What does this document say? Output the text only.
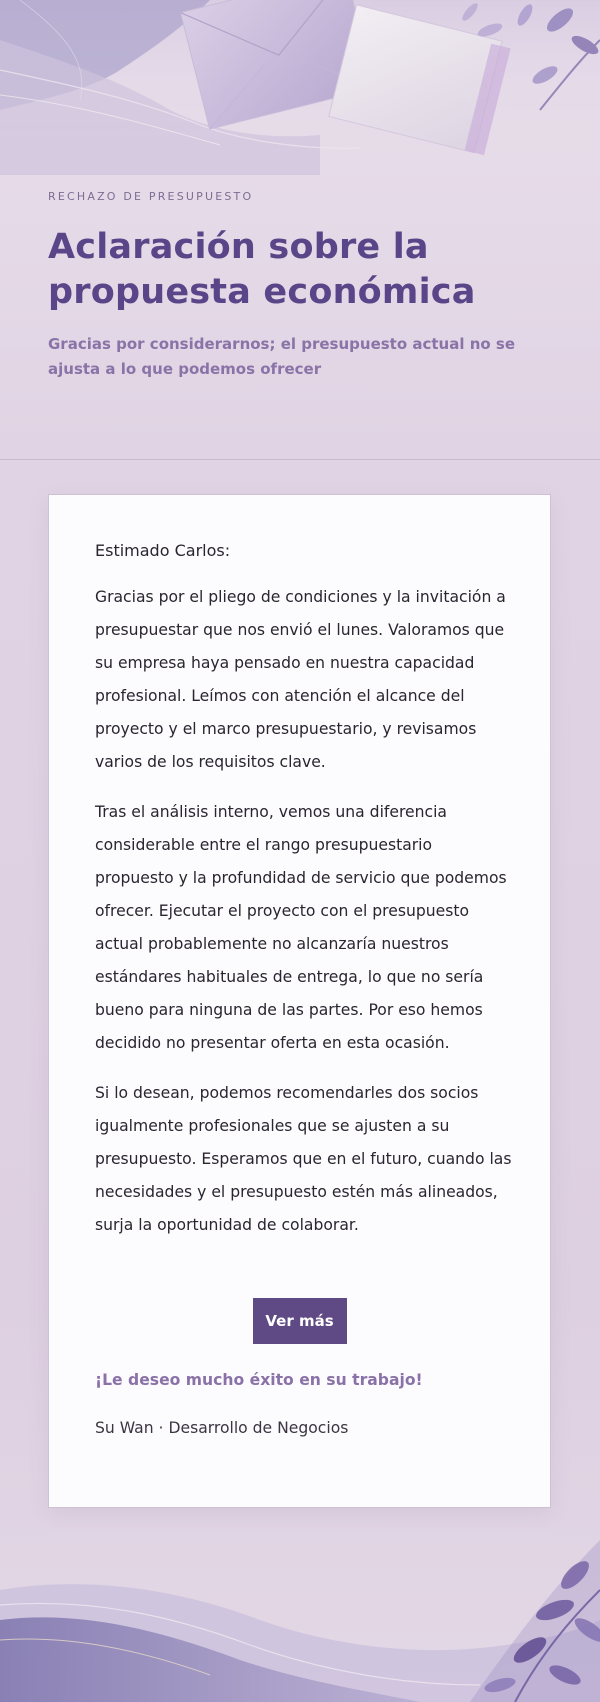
RECHAZO DE PRESUPUESTO

Aclaración sobre la propuesta económica

Gracias por considerarnos; el presupuesto actual no se ajusta a lo que podemos ofrecer

Estimado Carlos:

Gracias por el pliego de condiciones y la invitación a presupuestar que nos envió el lunes. Valoramos que su empresa haya pensado en nuestra capacidad profesional. Leímos con atención el alcance del proyecto y el marco presupuestario, y revisamos varios de los requisitos clave.

Tras el análisis interno, vemos una diferencia considerable entre el rango presupuestario propuesto y la profundidad de servicio que podemos ofrecer. Ejecutar el proyecto con el presupuesto actual probablemente no alcanzaría nuestros estándares habituales de entrega, lo que no sería bueno para ninguna de las partes. Por eso hemos decidido no presentar oferta en esta ocasión.

Si lo desean, podemos recomendarles dos socios igualmente profesionales que se ajusten a su presupuesto. Esperamos que en el futuro, cuando las necesidades y el presupuesto estén más alineados, surja la oportunidad de colaborar.

Ver más

¡Le deseo mucho éxito en su trabajo!

Su Wan · Desarrollo de Negocios
